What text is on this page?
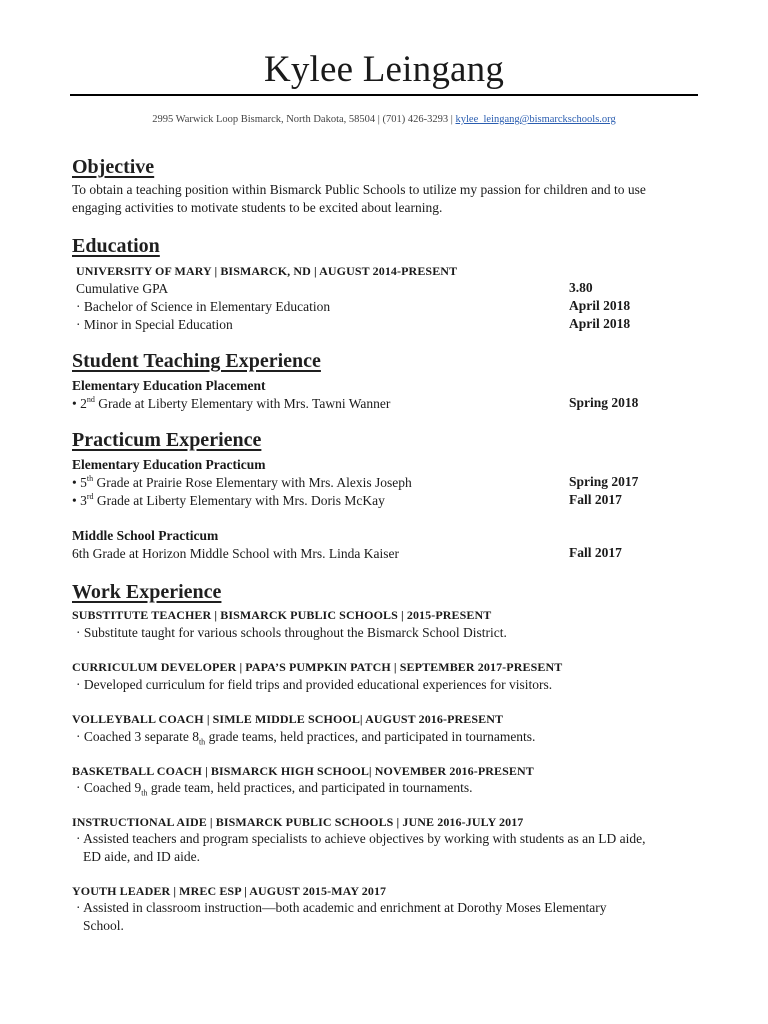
Kylee Leingang
2995 Warwick Loop Bismarck, North Dakota, 58504 | (701) 426-3293 | kylee_leingang@bismarckschools.org
Objective
To obtain a teaching position within Bismarck Public Schools to utilize my passion for children and to use engaging activities to motivate students to be excited about learning.
Education
UNIVERSITY OF MARY | BISMARCK, ND | AUGUST 2014-PRESENT
Cumulative GPA	3.80
· Bachelor of Science in Elementary Education	April 2018
· Minor in Special Education	April 2018
Student Teaching Experience
Elementary Education Placement
• 2nd Grade at Liberty Elementary with Mrs. Tawni Wanner	Spring 2018
Practicum Experience
Elementary Education Practicum
• 5th Grade at Prairie Rose Elementary with Mrs. Alexis Joseph	Spring 2017
• 3rd Grade at Liberty Elementary with Mrs. Doris McKay	Fall 2017
Middle School Practicum
6th Grade at Horizon Middle School with Mrs. Linda Kaiser	Fall 2017
Work Experience
SUBSTITUTE TEACHER | BISMARCK PUBLIC SCHOOLS | 2015-PRESENT
· Substitute taught for various schools throughout the Bismarck School District.
CURRICULUM DEVELOPER | PAPA’S PUMPKIN PATCH | SEPTEMBER 2017-PRESENT
· Developed curriculum for field trips and provided educational experiences for visitors.
VOLLEYBALL COACH | SIMLE MIDDLE SCHOOL| AUGUST 2016-PRESENT
· Coached 3 separate $8_{th}$ grade teams, held practices, and participated in tournaments.
BASKETBALL COACH | BISMARCK HIGH SCHOOL| NOVEMBER 2016-PRESENT
· Coached $9_{th}$ grade team, held practices, and participated in tournaments.
INSTRUCTIONAL AIDE | BISMARCK PUBLIC SCHOOLS | JUNE 2016-JULY 2017
· Assisted teachers and program specialists to achieve objectives by working with students as an LD aide,
ED aide, and ID aide.
YOUTH LEADER | MREC ESP | AUGUST 2015-MAY 2017
· Assisted in classroom instruction—both academic and enrichment at Dorothy Moses Elementary
School.
